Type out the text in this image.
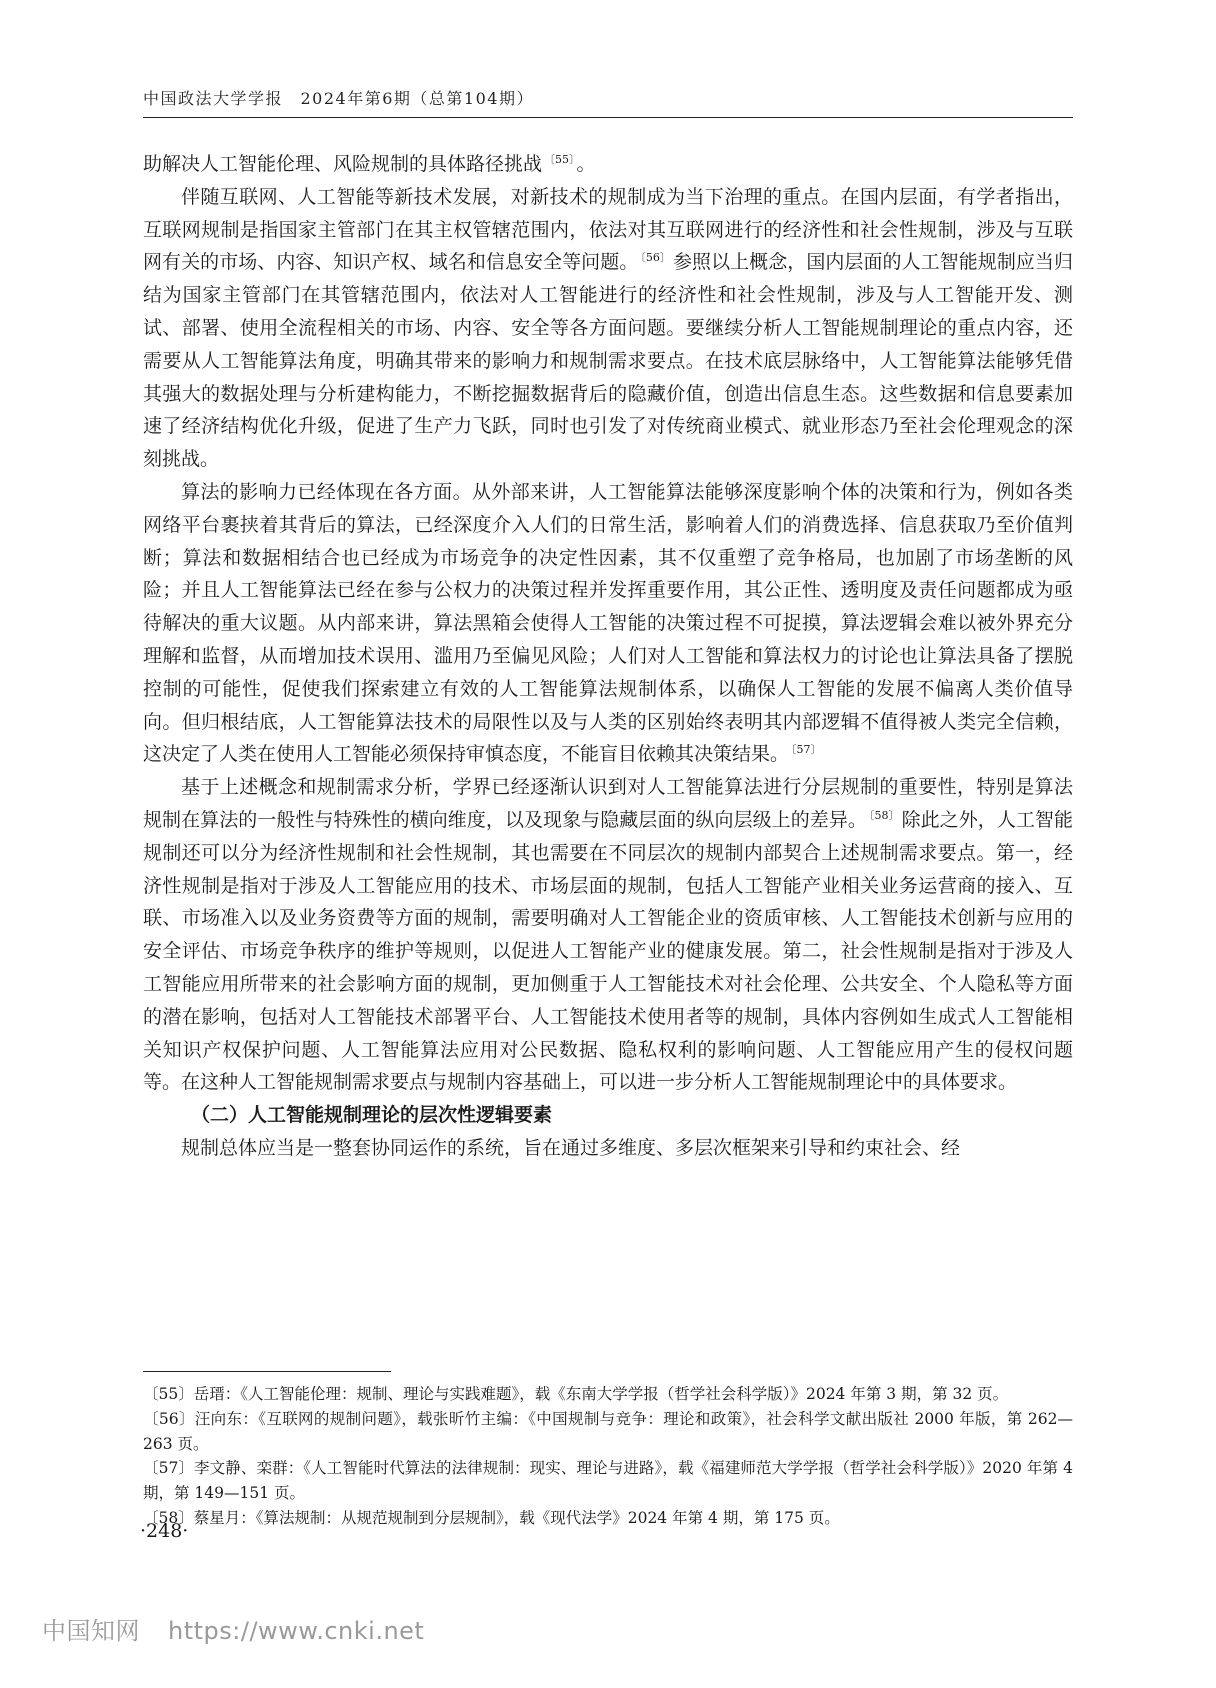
中国政法大学学报　2024年第6期（总第104期）

助解决人工智能伦理、风险规制的具体路径挑战 $^{〔55〕}$ 。

伴随互联网、人工智能等新技术发展，对新技术的规制成为当下治理的重点。在国内层面，有学者指出，互联网规制是指国家主管部门在其主权管辖范围内，依法对其互联网进行的经济性和社会性规制，涉及与互联网有关的市场、内容、知识产权、域名和信息安全等问题。 $^{〔56〕}$ 参照以上概念，国内层面的人工智能规制应当归结为国家主管部门在其管辖范围内，依法对人工智能进行的经济性和社会性规制，涉及与人工智能开发、测试、部署、使用全流程相关的市场、内容、安全等各方面问题。要继续分析人工智能规制理论的重点内容，还需要从人工智能算法角度，明确其带来的影响力和规制需求要点。在技术底层脉络中，人工智能算法能够凭借其强大的数据处理与分析建构能力，不断挖掘数据背后的隐藏价值，创造出信息生态。这些数据和信息要素加速了经济结构优化升级，促进了生产力飞跃，同时也引发了对传统商业模式、就业形态乃至社会伦理观念的深刻挑战。

算法的影响力已经体现在各方面。从外部来讲，人工智能算法能够深度影响个体的决策和行为，例如各类网络平台裹挟着其背后的算法，已经深度介入人们的日常生活，影响着人们的消费选择、信息获取乃至价值判断；算法和数据相结合也已经成为市场竞争的决定性因素，其不仅重塑了竞争格局，也加剧了市场垄断的风险；并且人工智能算法已经在参与公权力的决策过程并发挥重要作用，其公正性、透明度及责任问题都成为亟待解决的重大议题。从内部来讲，算法黑箱会使得人工智能的决策过程不可捉摸，算法逻辑会难以被外界充分理解和监督，从而增加技术误用、滥用乃至偏见风险；人们对人工智能和算法权力的讨论也让算法具备了摆脱控制的可能性，促使我们探索建立有效的人工智能算法规制体系，以确保人工智能的发展不偏离人类价值导向。但归根结底，人工智能算法技术的局限性以及与人类的区别始终表明其内部逻辑不值得被人类完全信赖，这决定了人类在使用人工智能必须保持审慎态度，不能盲目依赖其决策结果。 $^{〔57〕}$

基于上述概念和规制需求分析，学界已经逐渐认识到对人工智能算法进行分层规制的重要性，特别是算法规制在算法的一般性与特殊性的横向维度，以及现象与隐藏层面的纵向层级上的差异。 $^{〔58〕}$ 除此之外，人工智能规制还可以分为经济性规制和社会性规制，其也需要在不同层次的规制内部契合上述规制需求要点。第一，经济性规制是指对于涉及人工智能应用的技术、市场层面的规制，包括人工智能产业相关业务运营商的接入、互联、市场准入以及业务资费等方面的规制，需要明确对人工智能企业的资质审核、人工智能技术创新与应用的安全评估、市场竞争秩序的维护等规则，以促进人工智能产业的健康发展。第二，社会性规制是指对于涉及人工智能应用所带来的社会影响方面的规制，更加侧重于人工智能技术对社会伦理、公共安全、个人隐私等方面的潜在影响，包括对人工智能技术部署平台、人工智能技术使用者等的规制，具体内容例如生成式人工智能相关知识产权保护问题、人工智能算法应用对公民数据、隐私权利的影响问题、人工智能应用产生的侵权问题等。在这种人工智能规制需求要点与规制内容基础上，可以进一步分析人工智能规制理论中的具体要求。

（二）人工智能规制理论的层次性逻辑要素

规制总体应当是一整套协同运作的系统，旨在通过多维度、多层次框架来引导和约束社会、经

〔55〕岳瑨：《人工智能伦理：规制、理论与实践难题》，载《东南大学学报（哲学社会科学版）》2024 年第 3 期，第 32 页。

〔56〕汪向东：《互联网的规制问题》，载张昕竹主编：《中国规制与竞争：理论和政策》，社会科学文献出版社 2000 年版，第 262—263 页。

〔57〕李文静、栾群：《人工智能时代算法的法律规制：现实、理论与进路》，载《福建师范大学学报（哲学社会科学版）》2020 年第 4 期，第 149—151 页。

〔58〕蔡星月：《算法规制：从规范规制到分层规制》，载《现代法学》2024 年第 4 期，第 175 页。

·248·
中国知网 https://www.cnki.net
